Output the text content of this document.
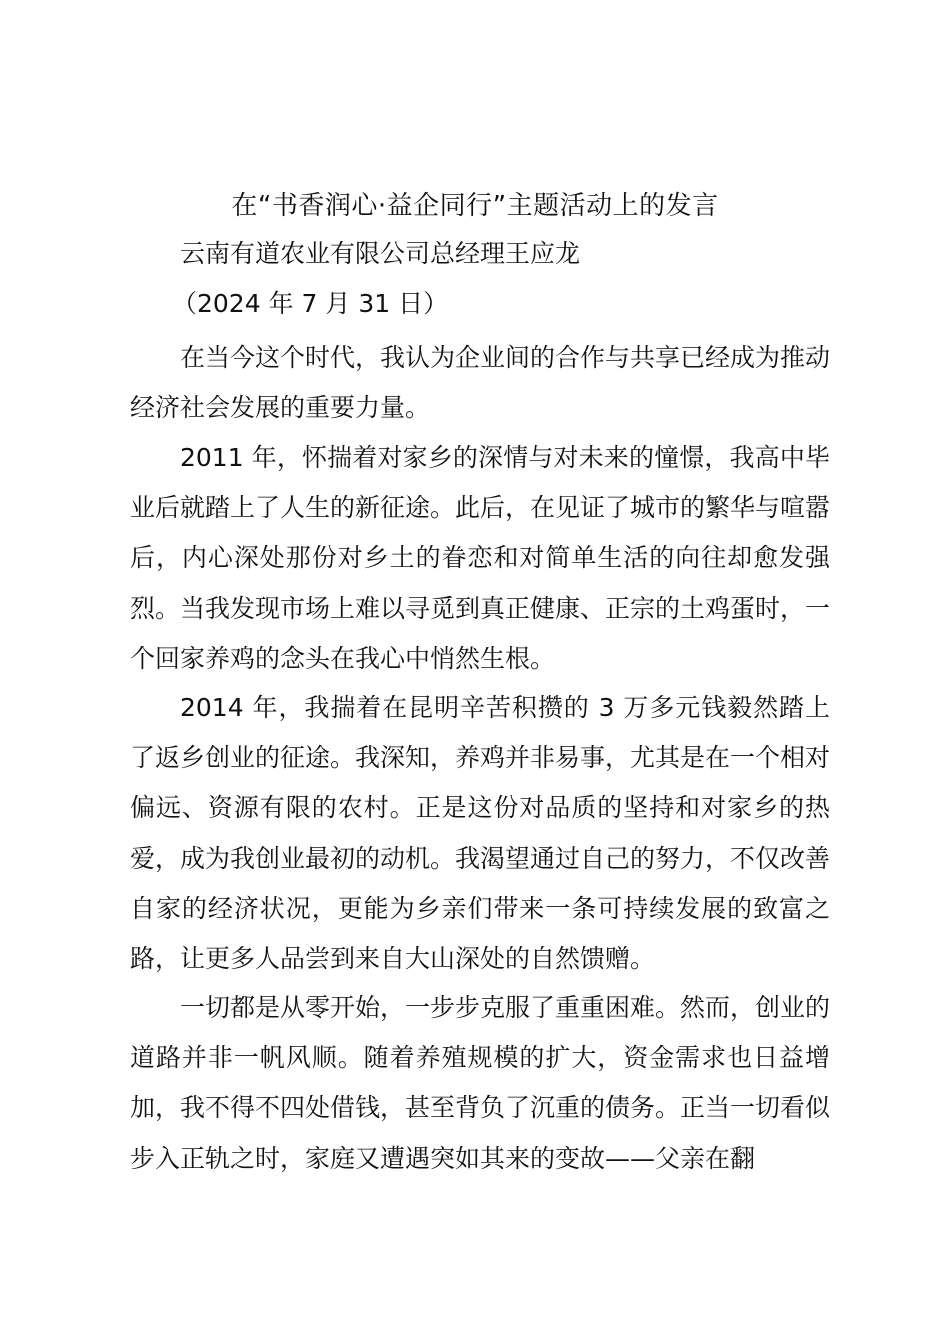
在“书香润心·益企同行”主题活动上的发言

云南有道农业有限公司总经理王应龙

（2024 年 7 月 31 日）

在当今这个时代，我认为企业间的合作与共享已经成为推动经济社会发展的重要力量。

2011 年，怀揣着对家乡的深情与对未来的憧憬，我高中毕业后就踏上了人生的新征途。此后，在见证了城市的繁华与喧嚣后，内心深处那份对乡土的眷恋和对简单生活的向往却愈发强烈。当我发现市场上难以寻觅到真正健康、正宗的土鸡蛋时，一个回家养鸡的念头在我心中悄然生根。

2014 年，我揣着在昆明辛苦积攒的 3 万多元钱毅然踏上了返乡创业的征途。我深知，养鸡并非易事，尤其是在一个相对偏远、资源有限的农村。正是这份对品质的坚持和对家乡的热爱，成为我创业最初的动机。我渴望通过自己的努力，不仅改善自家的经济状况，更能为乡亲们带来一条可持续发展的致富之路，让更多人品尝到来自大山深处的自然馈赠。

一切都是从零开始，一步步克服了重重困难。然而，创业的道路并非一帆风顺。随着养殖规模的扩大，资金需求也日益增加，我不得不四处借钱，甚至背负了沉重的债务。正当一切看似步入正轨之时，家庭又遭遇突如其来的变故——父亲在翻
